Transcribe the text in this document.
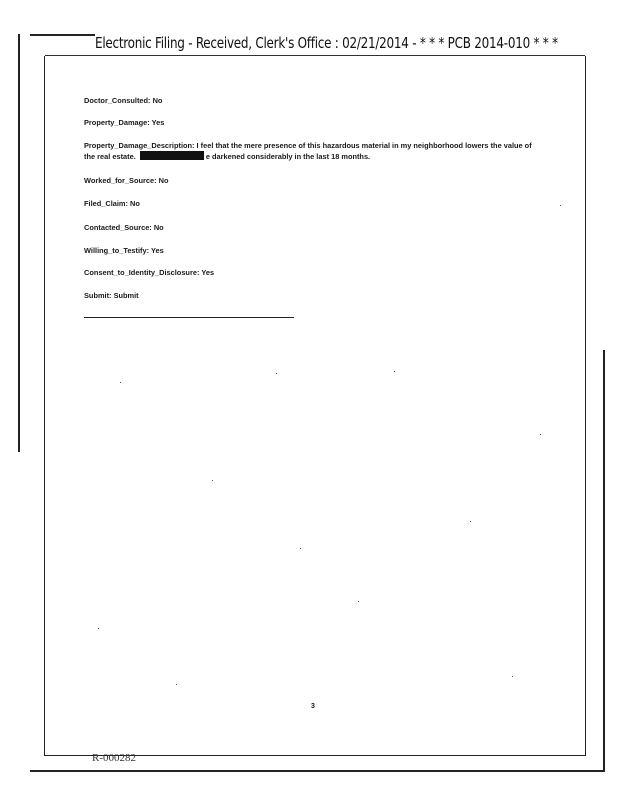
Electronic Filing - Received, Clerk's Office : 02/21/2014 - * * * PCB 2014-010 * * *
Doctor_Consulted: No
Property_Damage: Yes
Property_Damage_Description: I feel that the mere presence of this hazardous material in my neighborhood lowers the value of the real estate.	e darkened considerably in the last 18 months.
Worked_for_Source: No
Filed_Claim: No
Contacted_Source: No
Willing_to_Testify: Yes
Consent_to_Identity_Disclosure: Yes
Submit: Submit
3
R-000282
